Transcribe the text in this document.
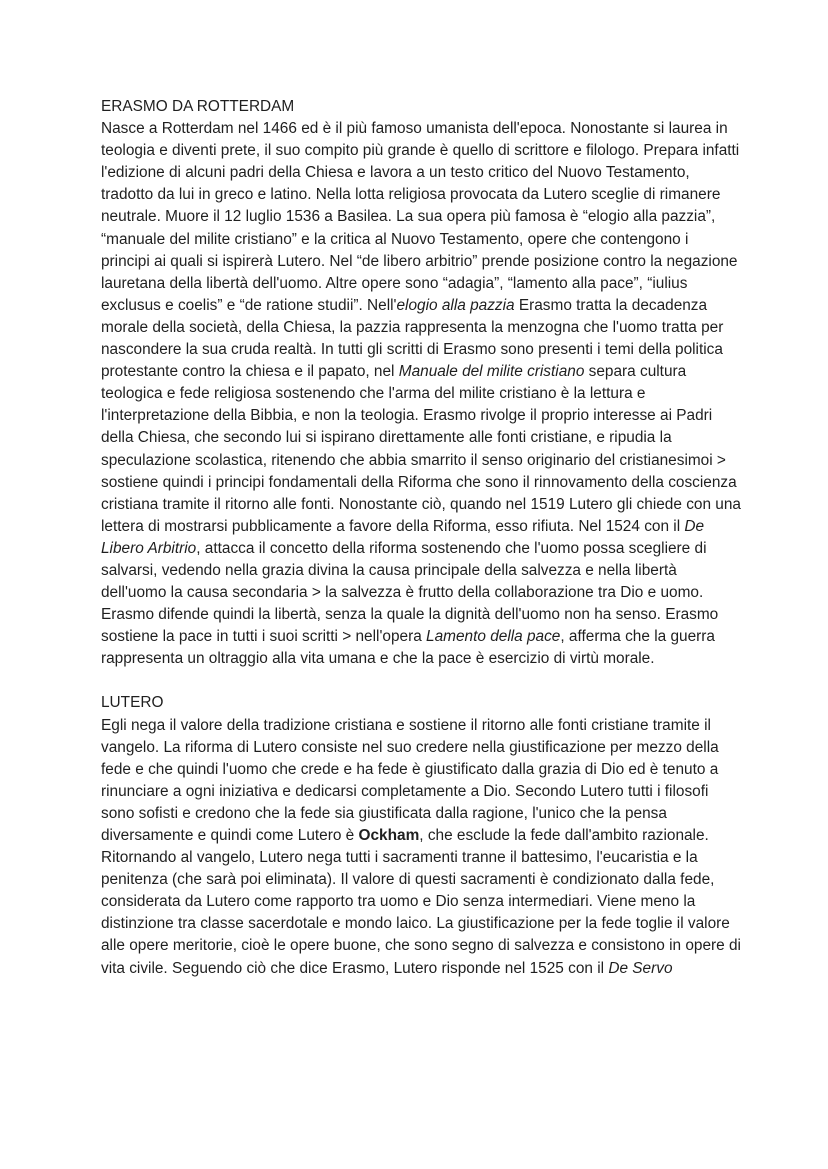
ERASMO DA ROTTERDAM

Nasce a Rotterdam nel 1466 ed è il più famoso umanista dell'epoca. Nonostante si laurea in teologia e diventi prete, il suo compito più grande è quello di scrittore e filologo. Prepara infatti l'edizione di alcuni padri della Chiesa e lavora a un testo critico del Nuovo Testamento, tradotto da lui in greco e latino. Nella lotta religiosa provocata da Lutero sceglie di rimanere neutrale. Muore il 12 luglio 1536 a Basilea. La sua opera più famosa è “elogio alla pazzia”, “manuale del milite cristiano” e la critica al Nuovo Testamento, opere che contengono i principi ai quali si ispirerà Lutero. Nel “de libero arbitrio” prende posizione contro la negazione lauretana della libertà dell'uomo. Altre opere sono “adagia”, “lamento alla pace”, “iulius exclusus e coelis” e “de ratione studii”. Nell'elogio alla pazzia Erasmo tratta la decadenza morale della società, della Chiesa, la pazzia rappresenta la menzogna che l'uomo tratta per nascondere la sua cruda realtà. In tutti gli scritti di Erasmo sono presenti i temi della politica protestante contro la chiesa e il papato, nel Manuale del milite cristiano separa cultura teologica e fede religiosa sostenendo che l'arma del milite cristiano è la lettura e l'interpretazione della Bibbia, e non la teologia. Erasmo rivolge il proprio interesse ai Padri della Chiesa, che secondo lui si ispirano direttamente alle fonti cristiane, e ripudia la speculazione scolastica, ritenendo che abbia smarrito il senso originario del cristianesimoi > sostiene quindi i principi fondamentali della Riforma che sono il rinnovamento della coscienza cristiana tramite il ritorno alle fonti. Nonostante ciò, quando nel 1519 Lutero gli chiede con una lettera di mostrarsi pubblicamente a favore della Riforma, esso rifiuta. Nel 1524 con il De Libero Arbitrio, attacca il concetto della riforma sostenendo che l'uomo possa scegliere di salvarsi, vedendo nella grazia divina la causa principale della salvezza e nella libertà dell'uomo la causa secondaria > la salvezza è frutto della collaborazione tra Dio e uomo. Erasmo difende quindi la libertà, senza la quale la dignità dell'uomo non ha senso. Erasmo sostiene la pace in tutti i suoi scritti > nell'opera Lamento della pace, afferma che la guerra rappresenta un oltraggio alla vita umana e che la pace è esercizio di virtù morale.

LUTERO

Egli nega il valore della tradizione cristiana e sostiene il ritorno alle fonti cristiane tramite il vangelo. La riforma di Lutero consiste nel suo credere nella giustificazione per mezzo della fede e che quindi l'uomo che crede e ha fede è giustificato dalla grazia di Dio ed è tenuto a rinunciare a ogni iniziativa e dedicarsi completamente a Dio. Secondo Lutero tutti i filosofi sono sofisti e credono che la fede sia giustificata dalla ragione, l'unico che la pensa diversamente e quindi come Lutero è Ockham, che esclude la fede dall'ambito razionale. Ritornando al vangelo, Lutero nega tutti i sacramenti tranne il battesimo, l'eucaristia e la penitenza (che sarà poi eliminata). Il valore di questi sacramenti è condizionato dalla fede, considerata da Lutero come rapporto tra uomo e Dio senza intermediari. Viene meno la distinzione tra classe sacerdotale e mondo laico. La giustificazione per la fede toglie il valore alle opere meritorie, cioè le opere buone, che sono segno di salvezza e consistono in opere di vita civile. Seguendo ciò che dice Erasmo, Lutero risponde nel 1525 con il De Servo
